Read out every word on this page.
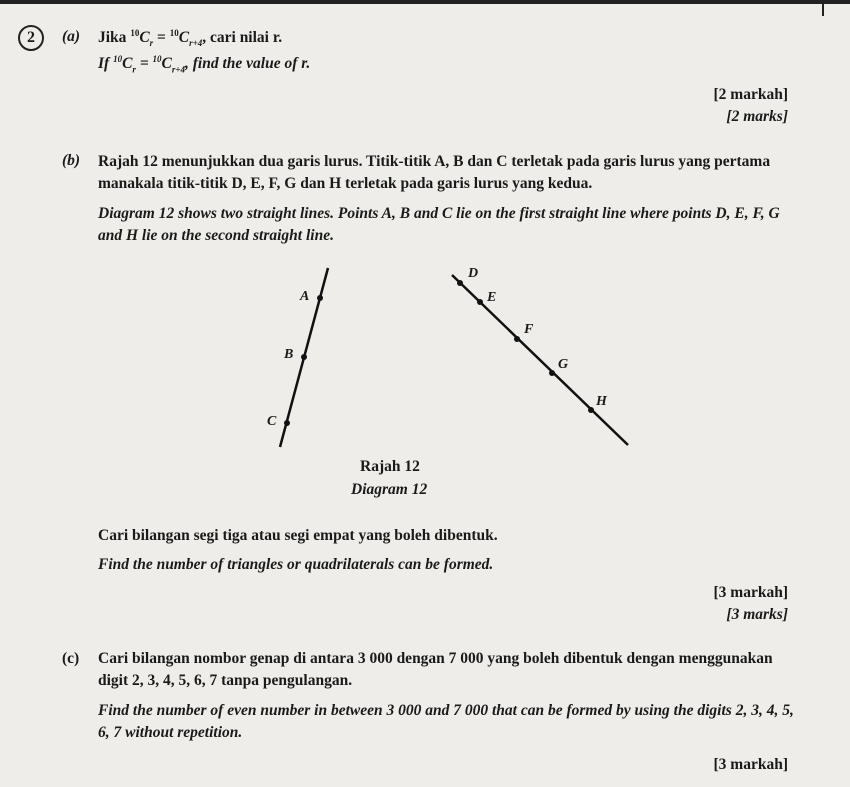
2	(a) Jika $^{10}C_r = ^{10}C_{r+4}$, cari nilai r.
If $^{10}C_r = ^{10}C_{r+4}$, find the value of r.
[2 markah]
[2 marks]
(b) Rajah 12 menunjukkan dua garis lurus. Titik-titik A, B dan C terletak pada garis lurus yang pertama manakala titik-titik D, E, F, G dan H terletak pada garis lurus yang kedua.
Diagram 12 shows two straight lines. Points A, B and C lie on the first straight line where points D, E, F, G and H lie on the second straight line.
A
B
C
D
E
F
G
H
Rajah 12
Diagram 12
Cari bilangan segi tiga atau segi empat yang boleh dibentuk.
Find the number of triangles or quadrilaterals can be formed.
[3 markah]
[3 marks]
(c) Cari bilangan nombor genap di antara 3 000 dengan 7 000 yang boleh dibentuk dengan menggunakan digit 2, 3, 4, 5, 6, 7 tanpa pengulangan.
Find the number of even number in between 3 000 and 7 000 that can be formed by using the digits 2, 3, 4, 5, 6, 7 without repetition.
[3 markah]
